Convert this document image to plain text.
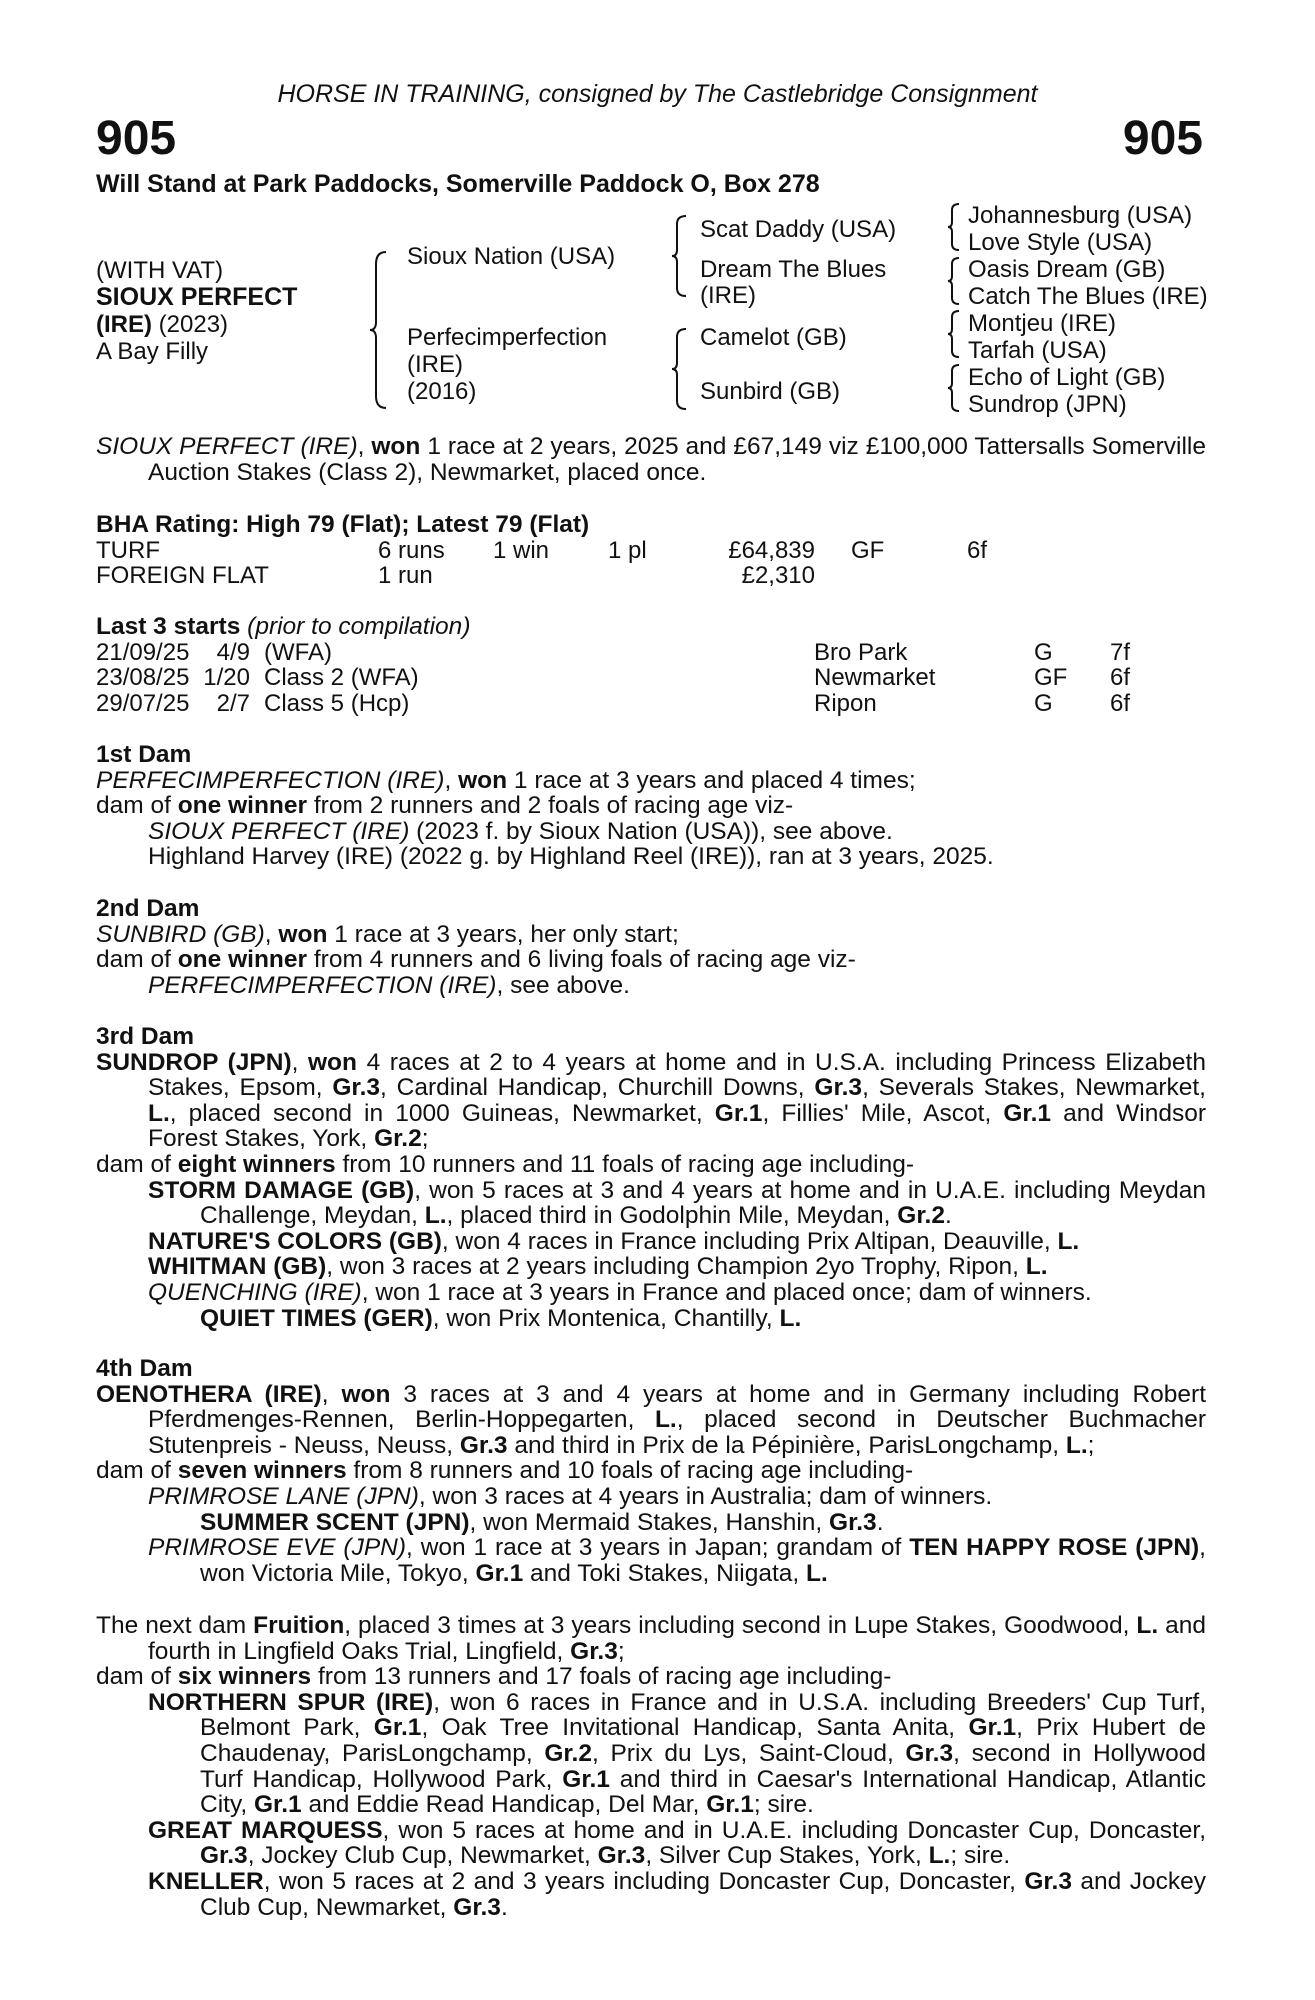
HORSE IN TRAINING, consigned by The Castlebridge Consignment
905	905
Will Stand at Park Paddocks, Somerville Paddock O, Box 278
(WITH VAT)
SIOUX PERFECT
(IRE) (2023)
A Bay Filly
Sioux Nation (USA)
Perfecimperfection
(IRE)
(2016)
Scat Daddy (USA)
Dream The Blues
(IRE)
Camelot (GB)
Sunbird (GB)
Johannesburg (USA)
Love Style (USA)
Oasis Dream (GB)
Catch The Blues (IRE)
Montjeu (IRE)
Tarfah (USA)
Echo of Light (GB)
Sundrop (JPN)

SIOUX PERFECT (IRE), won 1 race at 2 years, 2025 and £67,149 viz £100,000 Tattersalls Somerville Auction Stakes (Class 2), Newmarket, placed once.

BHA Rating: High 79 (Flat); Latest 79 (Flat)
TURF	6 runs	1 win	1 pl	£64,839		GF	6f
FOREIGN FLAT	1 run			£2,310			
Last 3 starts (prior to compilation)
21/09/25	4/9		(WFA)	Bro Park	G	7f
23/08/25	1/20		Class 2 (WFA)	Newmarket	GF	6f
29/07/25	2/7		Class 5 (Hcp)	Ripon	G	6f
1st Dam

PERFECIMPERFECTION (IRE), won 1 race at 3 years and placed 4 times;

dam of one winner from 2 runners and 2 foals of racing age viz-

SIOUX PERFECT (IRE) (2023 f. by Sioux Nation (USA)), see above.

Highland Harvey (IRE) (2022 g. by Highland Reel (IRE)), ran at 3 years, 2025.

2nd Dam

SUNBIRD (GB), won 1 race at 3 years, her only start;

dam of one winner from 4 runners and 6 living foals of racing age viz-

PERFECIMPERFECTION (IRE), see above.

3rd Dam

SUNDROP (JPN), won 4 races at 2 to 4 years at home and in U.S.A. including Princess Elizabeth Stakes, Epsom, Gr.3, Cardinal Handicap, Churchill Downs, Gr.3, Severals Stakes, Newmarket, L., placed second in 1000 Guineas, Newmarket, Gr.1, Fillies' Mile, Ascot, Gr.1 and Windsor Forest Stakes, York, Gr.2;

dam of eight winners from 10 runners and 11 foals of racing age including-

STORM DAMAGE (GB), won 5 races at 3 and 4 years at home and in U.A.E. including Meydan Challenge, Meydan, L., placed third in Godolphin Mile, Meydan, Gr.2.

NATURE'S COLORS (GB), won 4 races in France including Prix Altipan, Deauville, L.

WHITMAN (GB), won 3 races at 2 years including Champion 2yo Trophy, Ripon, L.

QUENCHING (IRE), won 1 race at 3 years in France and placed once; dam of winners.

QUIET TIMES (GER), won Prix Montenica, Chantilly, L.

4th Dam

OENOTHERA (IRE), won 3 races at 3 and 4 years at home and in Germany including Robert Pferdmenges-Rennen, Berlin-Hoppegarten, L., placed second in Deutscher Buchmacher Stutenpreis - Neuss, Neuss, Gr.3 and third in Prix de la Pépinière, ParisLongchamp, L.;

dam of seven winners from 8 runners and 10 foals of racing age including-

PRIMROSE LANE (JPN), won 3 races at 4 years in Australia; dam of winners.

SUMMER SCENT (JPN), won Mermaid Stakes, Hanshin, Gr.3.

PRIMROSE EVE (JPN), won 1 race at 3 years in Japan; grandam of TEN HAPPY ROSE (JPN), won Victoria Mile, Tokyo, Gr.1 and Toki Stakes, Niigata, L.

The next dam Fruition, placed 3 times at 3 years including second in Lupe Stakes, Goodwood, L. and fourth in Lingfield Oaks Trial, Lingfield, Gr.3;

dam of six winners from 13 runners and 17 foals of racing age including-

NORTHERN SPUR (IRE), won 6 races in France and in U.S.A. including Breeders' Cup Turf, Belmont Park, Gr.1, Oak Tree Invitational Handicap, Santa Anita, Gr.1, Prix Hubert de Chaudenay, ParisLongchamp, Gr.2, Prix du Lys, Saint-Cloud, Gr.3, second in Hollywood Turf Handicap, Hollywood Park, Gr.1 and third in Caesar's International Handicap, Atlantic City, Gr.1 and Eddie Read Handicap, Del Mar, Gr.1; sire.

GREAT MARQUESS, won 5 races at home and in U.A.E. including Doncaster Cup, Doncaster, Gr.3, Jockey Club Cup, Newmarket, Gr.3, Silver Cup Stakes, York, L.; sire.

KNELLER, won 5 races at 2 and 3 years including Doncaster Cup, Doncaster, Gr.3 and Jockey Club Cup, Newmarket, Gr.3.
